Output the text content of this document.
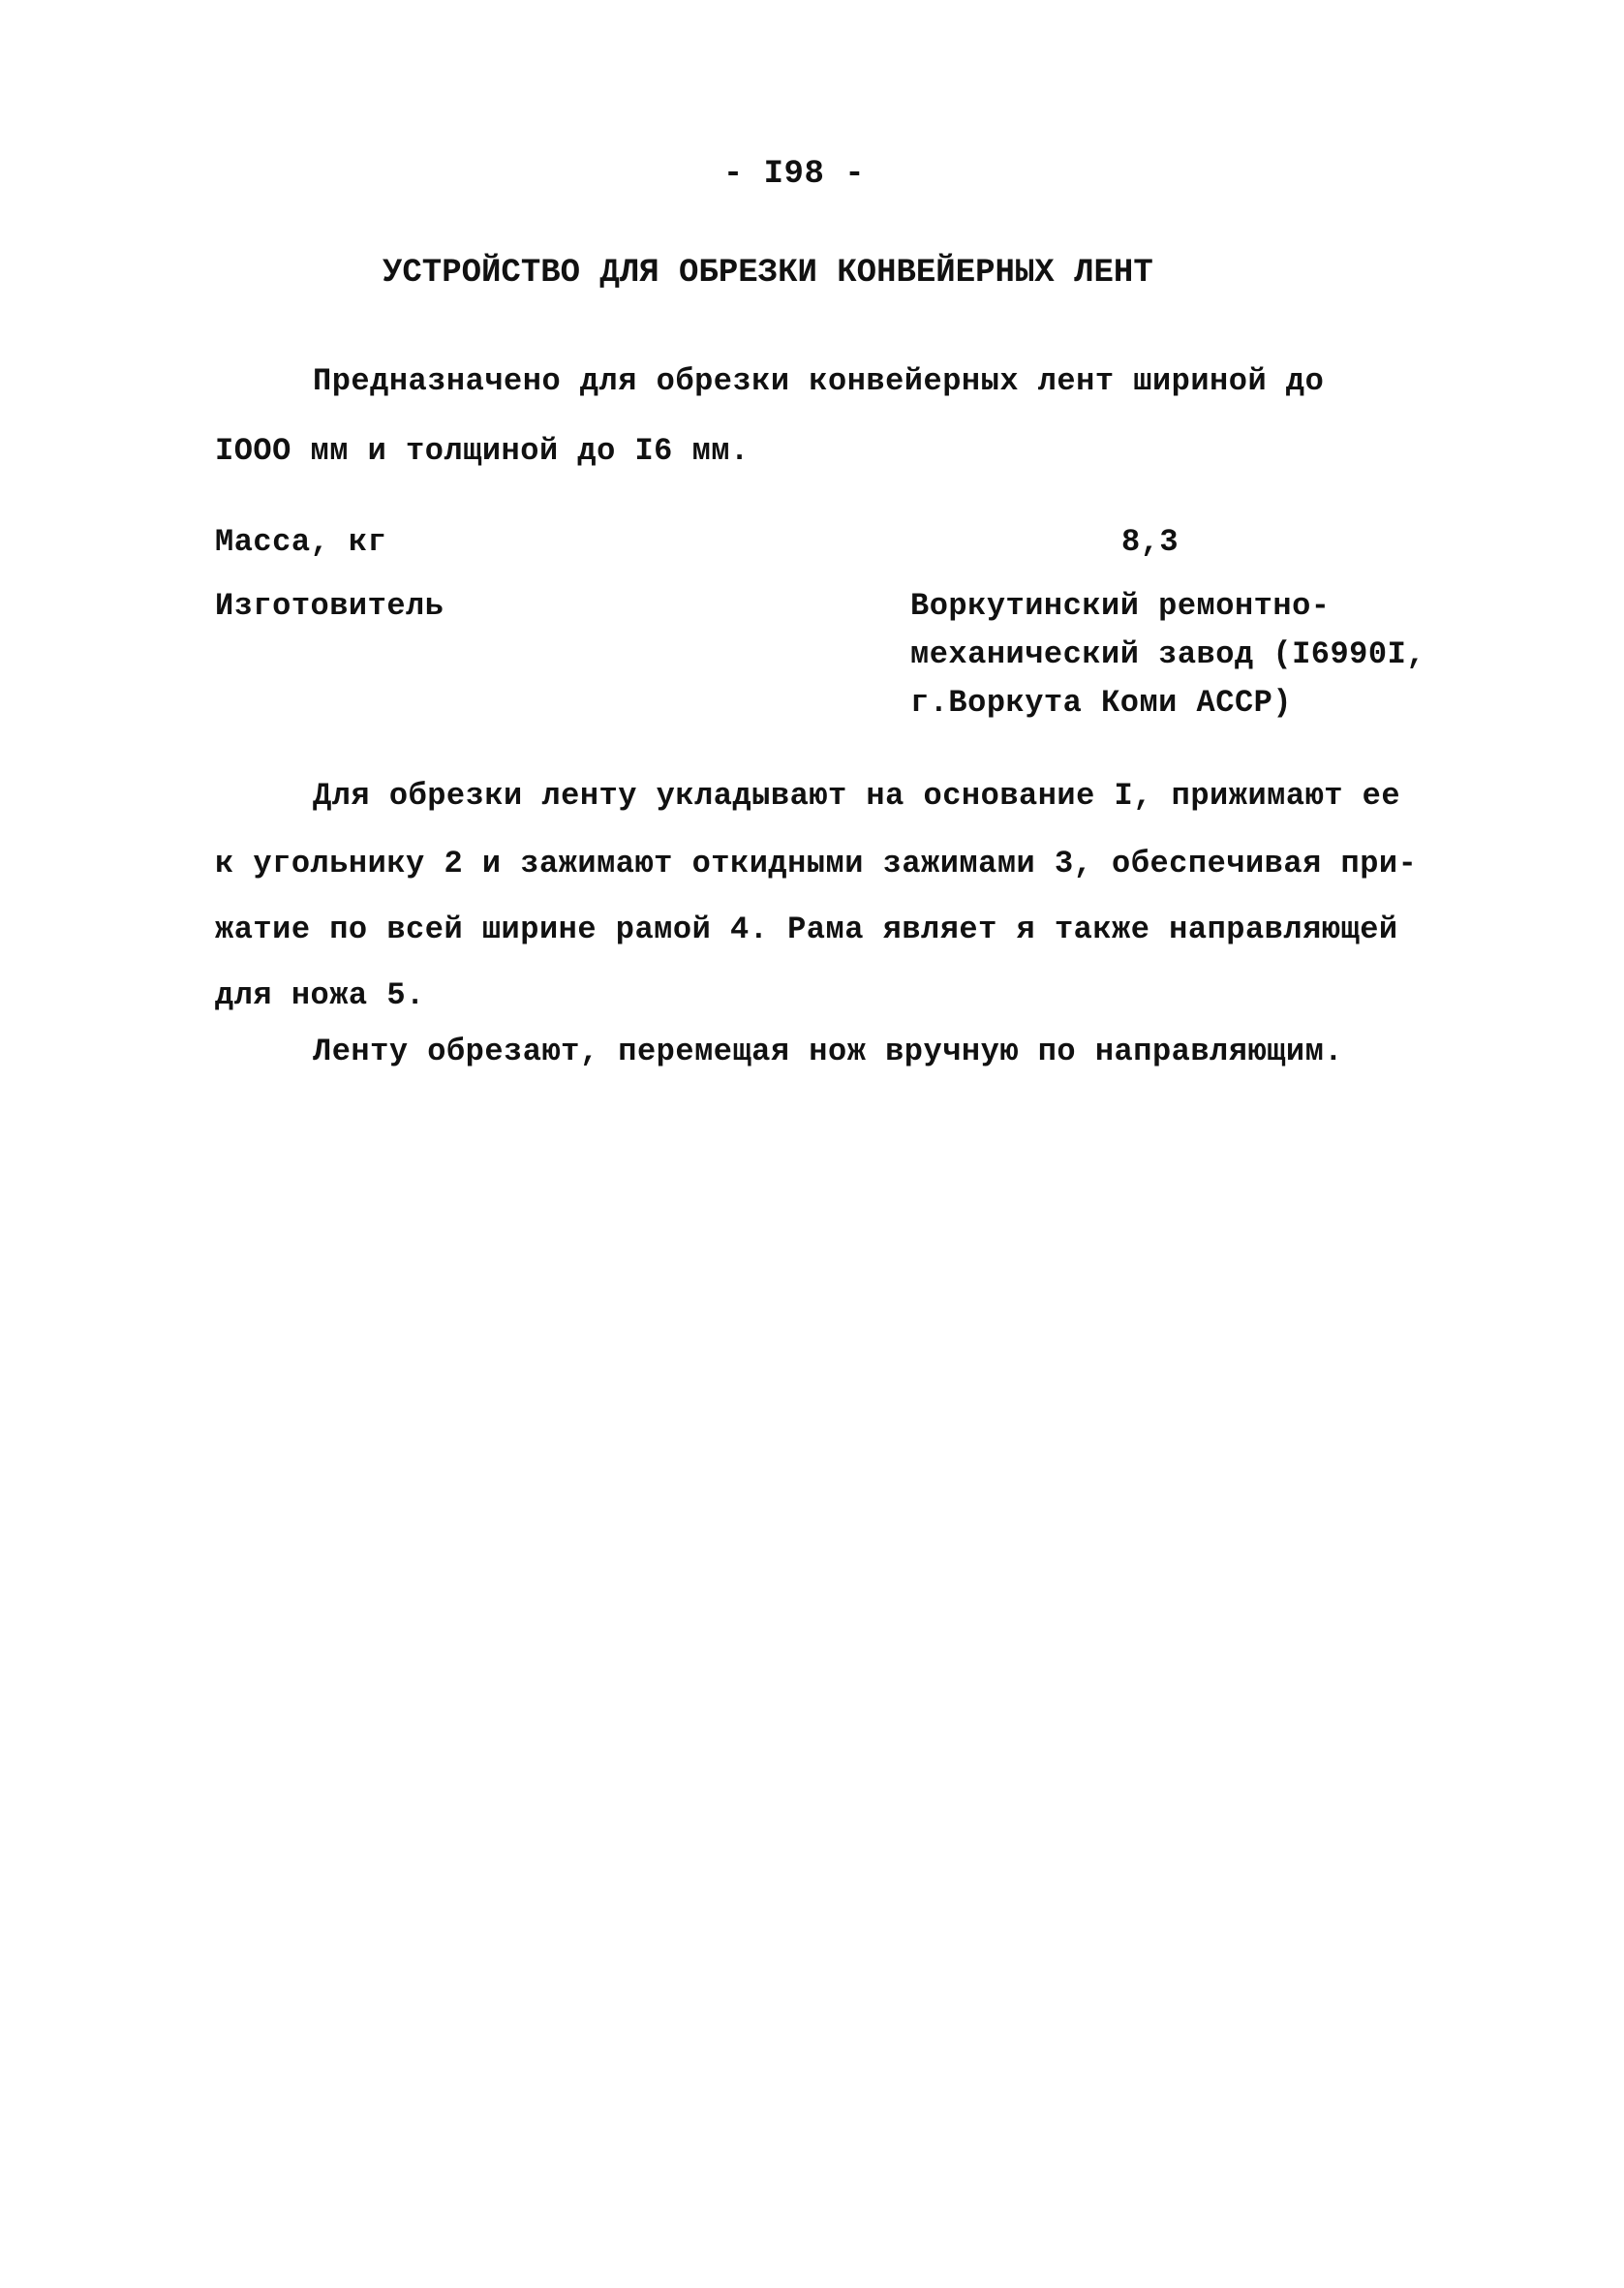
- I98 -
УСТРОЙСТВО ДЛЯ ОБРЕЗКИ КОНВЕЙЕРНЫХ ЛЕНТ
Предназначено для обрезки конвейерных лент шириной до
IOOO мм и толщиной до I6 мм.
Масса, кг	8,3
Изготовитель	Воркутинский ремонтно-
механический завод (I6990I,
г.Воркута Коми АССР)
Для обрезки ленту укладывают на основание I, прижимают ее
к угольнику 2 и зажимают откидными зажимами 3, обеспечивая при-
жатие по всей ширине рамой 4. Рама являет я также направляющей
для ножа 5.
Ленту обрезают, перемещая нож вручную по направляющим.
